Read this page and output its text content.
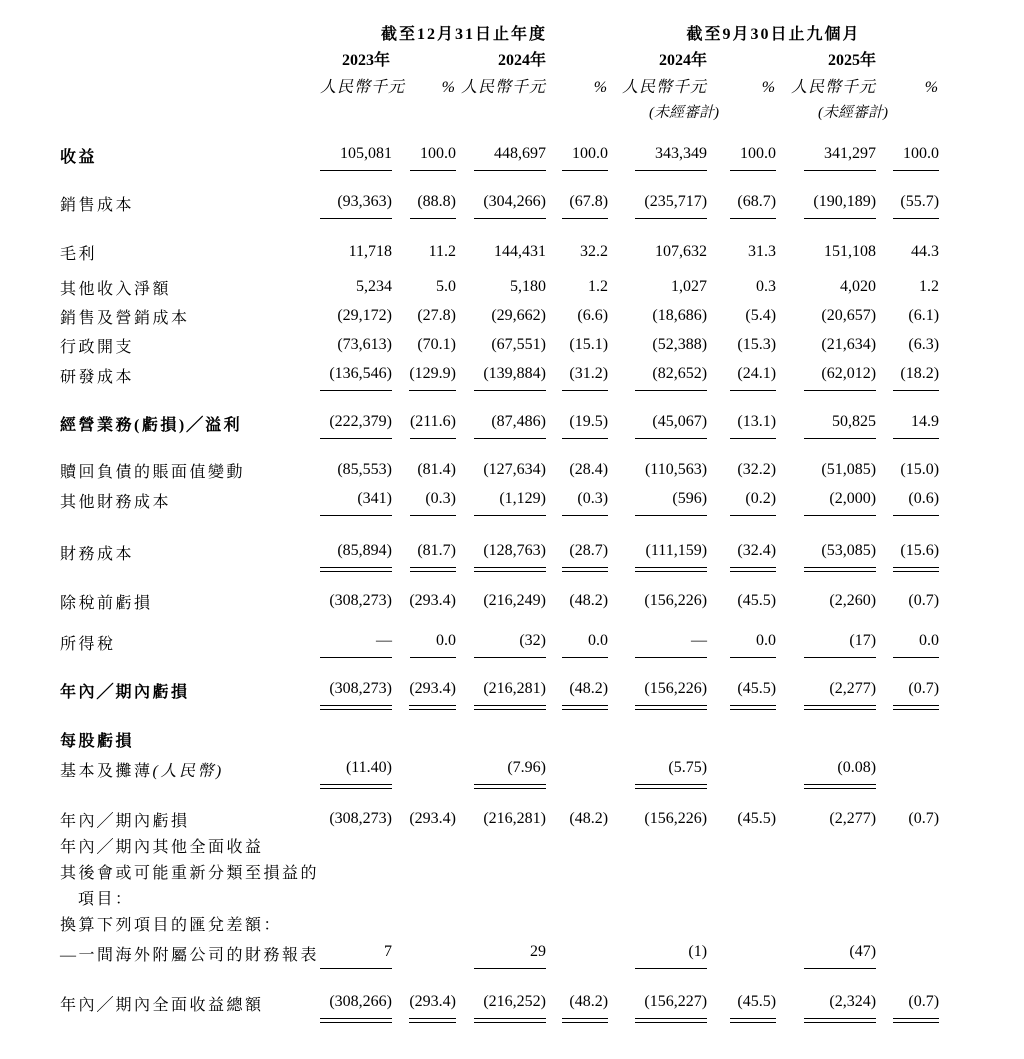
	截至12月31日止年度				截至9月30日止九個月			
	2023年		2024年		2024年		2025年	
	人民幣千元	%	人民幣千元	%	人民幣千元	%	人民幣千元	%
					(未經審計)		(未經審計)	

收益	105,081	100.0	448,697	100.0	343,349	100.0	341,297	100.0

銷售成本	(93,363)	(88.8)	(304,266)	(67.8)	(235,717)	(68.7)	(190,189)	(55.7)

毛利	11,718	11.2	144,431	32.2	107,632	31.3	151,108	44.3

其他收入淨額	5,234	5.0	5,180	1.2	1,027	0.3	4,020	1.2
銷售及營銷成本	(29,172)	(27.8)	(29,662)	(6.6)	(18,686)	(5.4)	(20,657)	(6.1)
行政開支	(73,613)	(70.1)	(67,551)	(15.1)	(52,388)	(15.3)	(21,634)	(6.3)
研發成本	(136,546)	(129.9)	(139,884)	(31.2)	(82,652)	(24.1)	(62,012)	(18.2)

經營業務(虧損)╱溢利	(222,379)	(211.6)	(87,486)	(19.5)	(45,067)	(13.1)	50,825	14.9

贖回負債的賬面值變動	(85,553)	(81.4)	(127,634)	(28.4)	(110,563)	(32.2)	(51,085)	(15.0)
其他財務成本	(341)	(0.3)	(1,129)	(0.3)	(596)	(0.2)	(2,000)	(0.6)

財務成本	(85,894)	(81.7)	(128,763)	(28.7)	(111,159)	(32.4)	(53,085)	(15.6)

除稅前虧損	(308,273)	(293.4)	(216,249)	(48.2)	(156,226)	(45.5)	(2,260)	(0.7)

所得稅	—	0.0	(32)	0.0	—	0.0	(17)	0.0

年內╱期內虧損	(308,273)	(293.4)	(216,281)	(48.2)	(156,226)	(45.5)	(2,277)	(0.7)

每股虧損								
基本及攤薄(人民幣)	(11.40)		(7.96)		(5.75)		(0.08)	

年內╱期內虧損	(308,273)	(293.4)	(216,281)	(48.2)	(156,226)	(45.5)	(2,277)	(0.7)
年內╱期內其他全面收益								
其後會或可能重新分類至損益的								
項目：								
換算下列項目的匯兌差額：								
—一間海外附屬公司的財務報表	7		29		(1)		(47)	

年內╱期內全面收益總額	(308,266)	(293.4)	(216,252)	(48.2)	(156,227)	(45.5)	(2,324)	(0.7)
